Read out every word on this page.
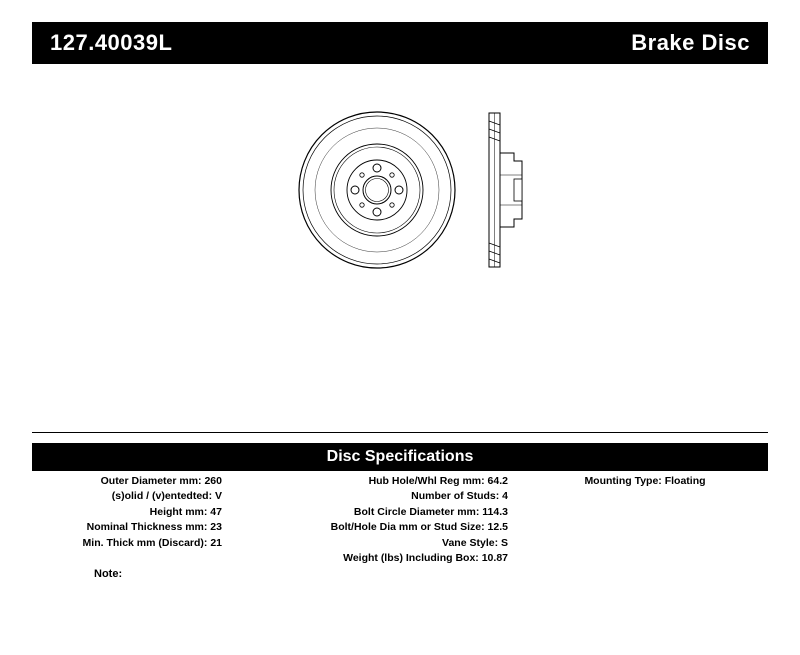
127.40039L	Brake Disc
Disc Specifications
Outer Diameter mm: 260
(s)olid / (v)entedted: V
Height mm: 47
Nominal Thickness mm: 23
Min. Thick mm (Discard): 21
Hub Hole/Whl Reg mm: 64.2
Number of Studs: 4
Bolt Circle Diameter mm: 114.3
Bolt/Hole Dia mm or Stud Size: 12.5
Vane Style: S
Weight (lbs) Including Box: 10.87
Mounting Type: Floating
Note:
